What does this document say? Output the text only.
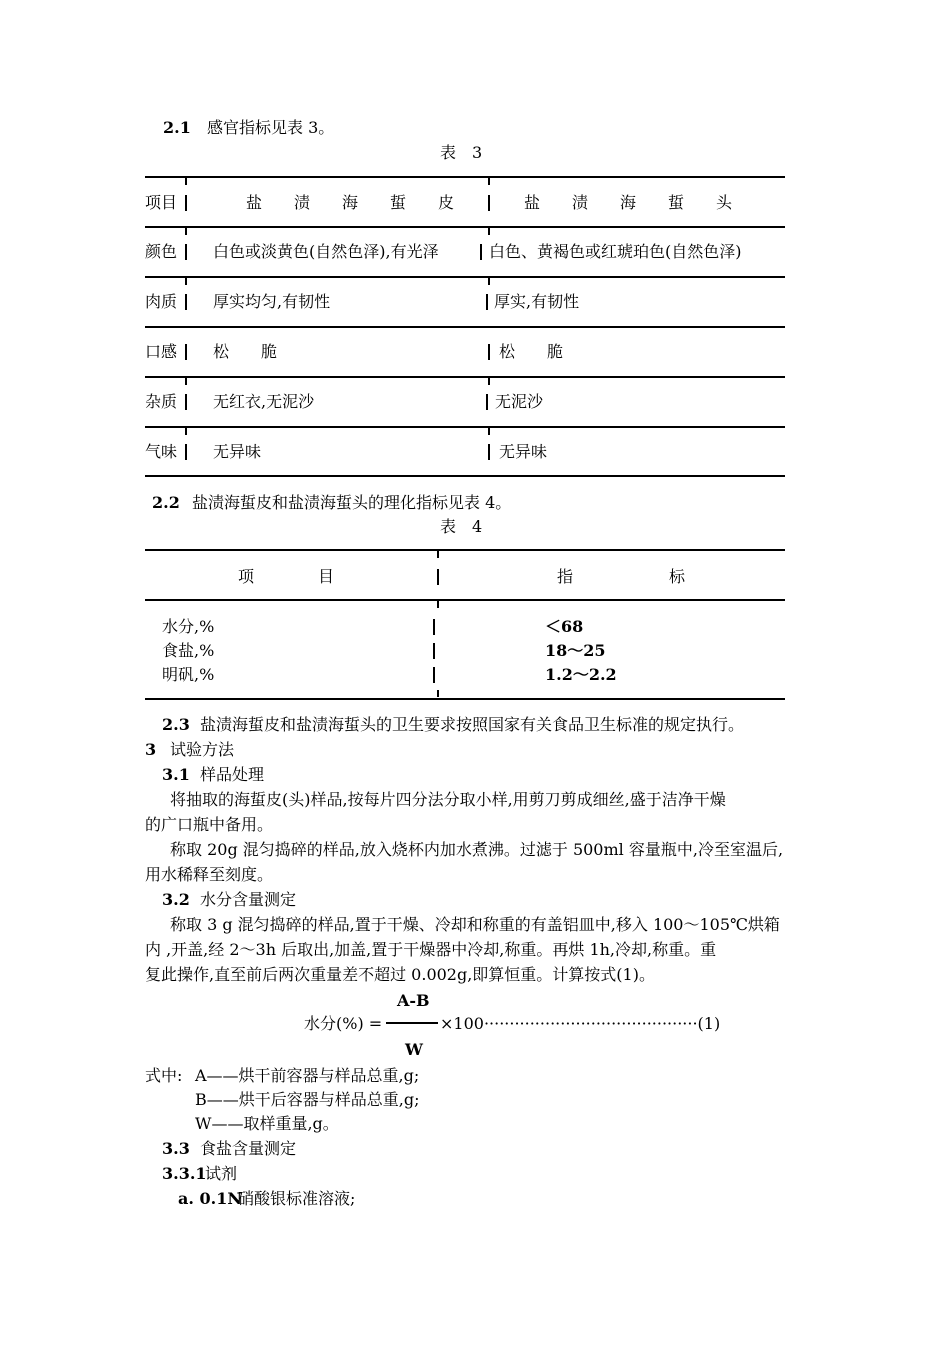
2.1 感官指标见表 3。
表　3
项目	盐　　渍　　海　　蜇　　皮	盐　　渍　　海　　蜇　　头
颜色 白色或淡黄色(自然色泽),有光泽	白色、黄褐色或红琥珀色(自然色泽)
肉质 厚实均匀,有韧性	厚实,有韧性
口感 松　　脆	松　　脆
杂质 无红衣,无泥沙	无泥沙
气味 无异味	无异味
2.2 盐渍海蜇皮和盐渍海蜇头的理化指标见表 4。
表　4
项　　　　目	指　　　　　　标
水分,%	＜68
食盐,%	18～25
明矾,%	1.2～2.2
2.3 盐渍海蜇皮和盐渍海蜇头的卫生要求按照国家有关食品卫生标准的规定执行。
3 试验方法
3.1 样品处理
将抽取的海蜇皮(头)样品,按每片四分法分取小样,用剪刀剪成细丝,盛于洁净干燥
的广口瓶中备用。
称取 20g 混匀捣碎的样品,放入烧杯内加水煮沸。过滤于 500ml 容量瓶中,冷至室温后,
用水稀释至刻度。
3.2 水分含量测定
称取 3 g 混匀捣碎的样品,置于干燥、冷却和称重的有盖铝皿中,移入 100～105℃烘箱
内 ,开盖,经 2～3h 后取出,加盖,置于干燥器中冷却,称重。再烘 1h,冷却,称重。重
复此操作,直至前后两次重量差不超过 0.002g,即算恒重。计算按式(1)。
A-B
水分(%) =	×100··········································(1)
W
式中: A——烘干前容器与样品总重,g;
B——烘干后容器与样品总重,g;
W——取样重量,g。
3.3 食盐含量测定
3.3.1
试剂
a. 0.1N
硝酸银标准溶液;
